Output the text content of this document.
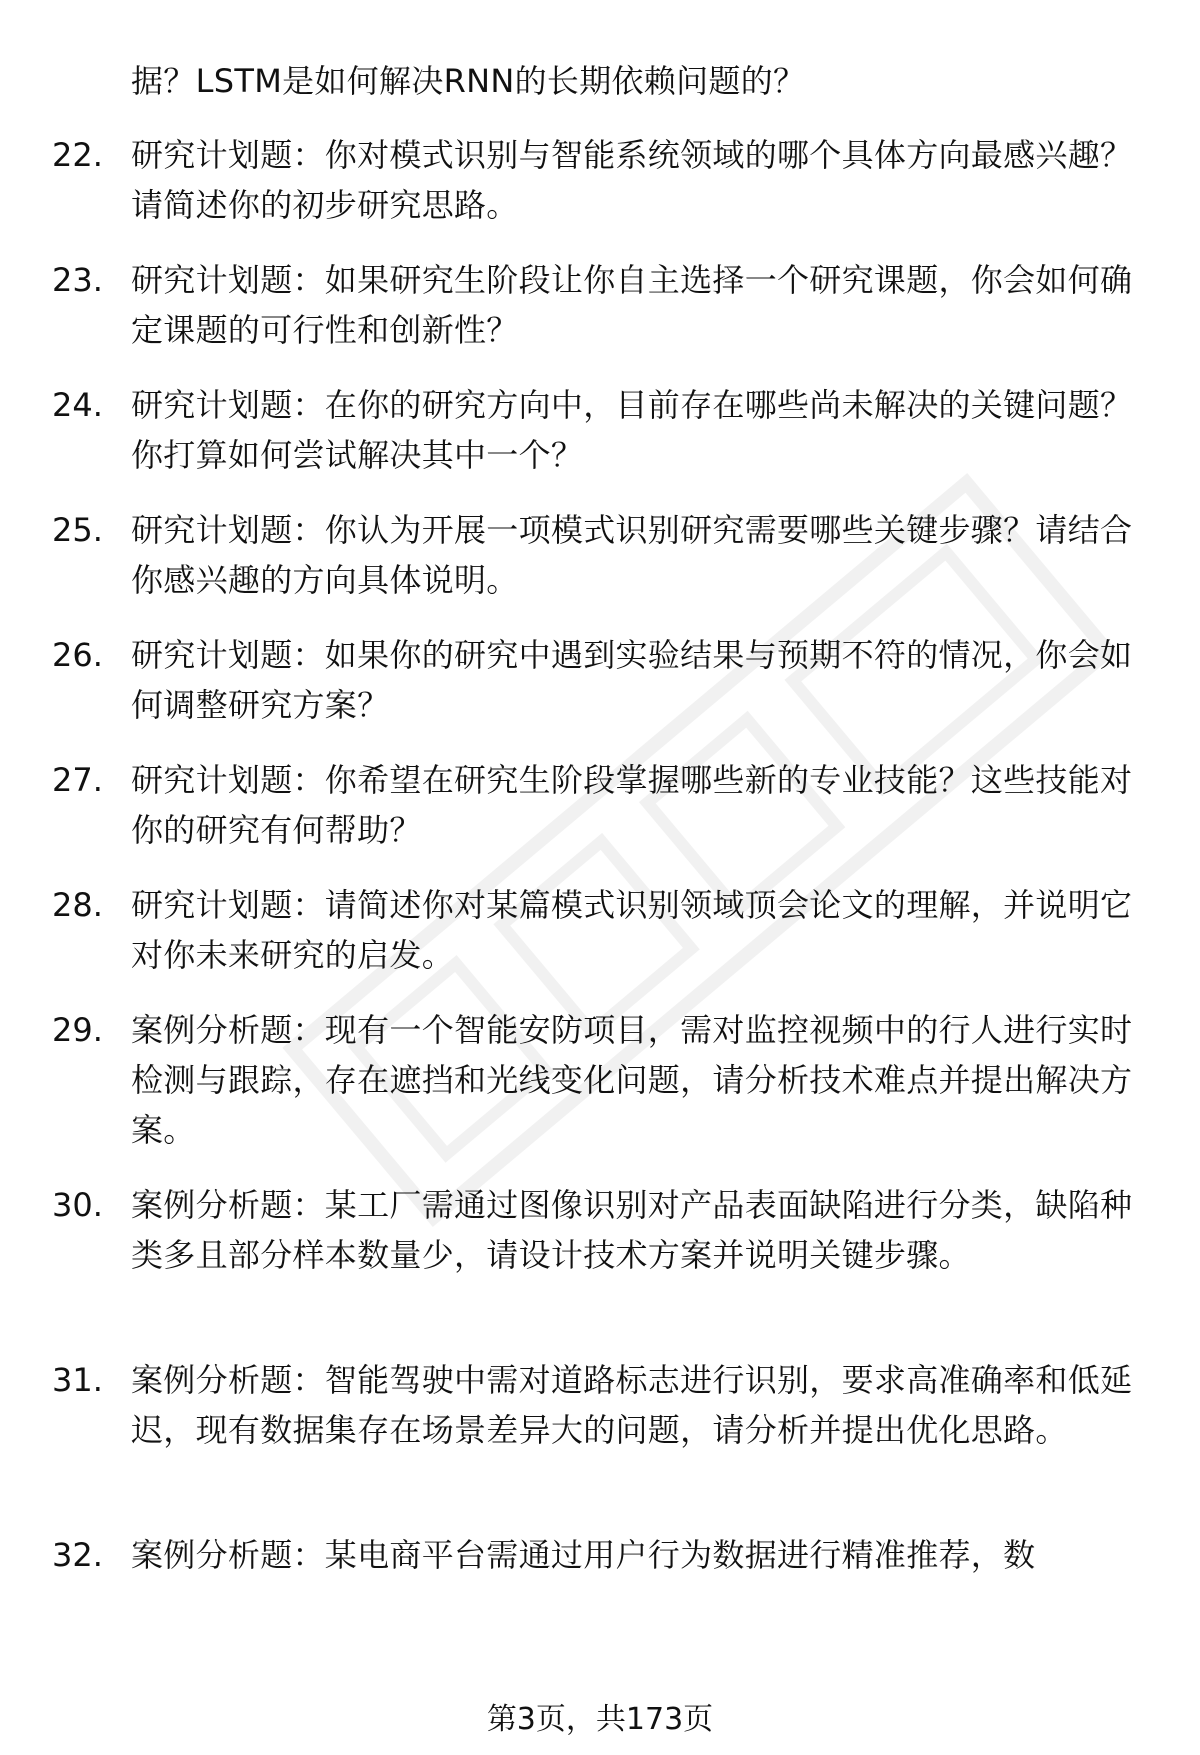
据？LSTM是如何解决RNN的长期依赖问题的？
22. 研究计划题：你对模式识别与智能系统领域的哪个具体方向最感兴趣？请简述你的初步研究思路。
23. 研究计划题：如果研究生阶段让你自主选择一个研究课题，你会如何确定课题的可行性和创新性？
24. 研究计划题：在你的研究方向中，目前存在哪些尚未解决的关键问题？你打算如何尝试解决其中一个？
25. 研究计划题：你认为开展一项模式识别研究需要哪些关键步骤？请结合你感兴趣的方向具体说明。
26. 研究计划题：如果你的研究中遇到实验结果与预期不符的情况，你会如何调整研究方案？
27. 研究计划题：你希望在研究生阶段掌握哪些新的专业技能？这些技能对你的研究有何帮助？
28. 研究计划题：请简述你对某篇模式识别领域顶会论文的理解，并说明它对你未来研究的启发。
29. 案例分析题：现有一个智能安防项目，需对监控视频中的行人进行实时检测与跟踪，存在遮挡和光线变化问题，请分析技术难点并提出解决方案。
30. 案例分析题：某工厂需通过图像识别对产品表面缺陷进行分类，缺陷种类多且部分样本数量少，请设计技术方案并说明关键步骤。
31. 案例分析题：智能驾驶中需对道路标志进行识别，要求高准确率和低延迟，现有数据集存在场景差异大的问题，请分析并提出优化思路。
32. 案例分析题：某电商平台需通过用户行为数据进行精准推荐，数
第3页，共173页
